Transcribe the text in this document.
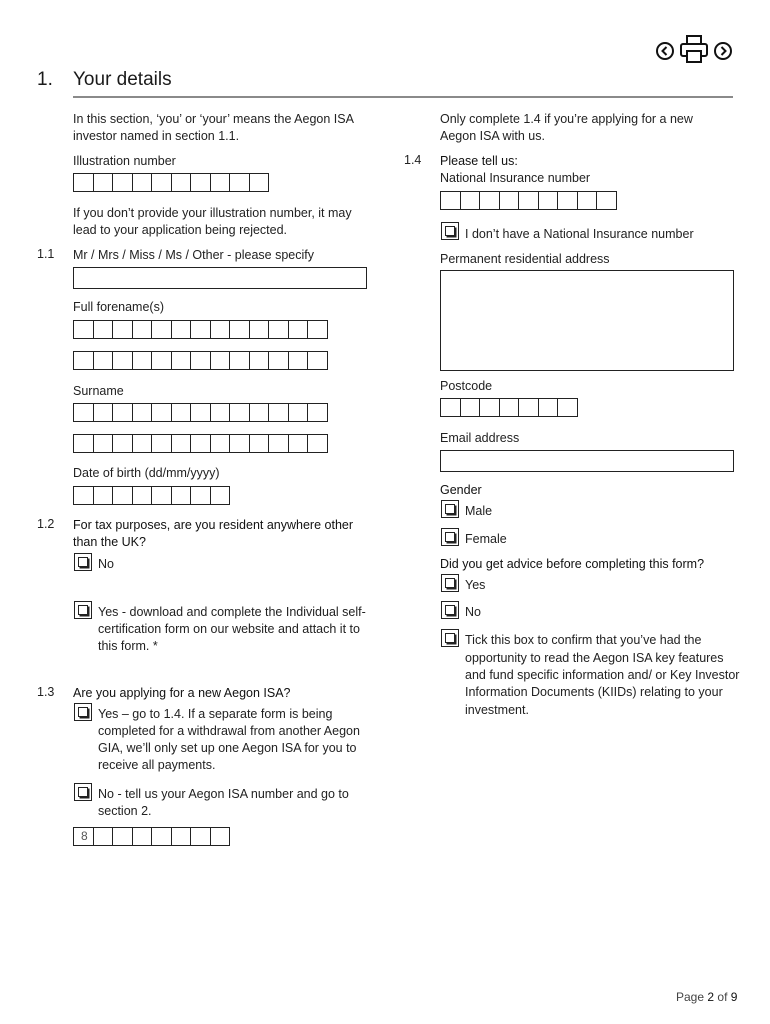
1. Your details
In this section, ‘you’ or ‘your’ means the Aegon ISA
investor named in section 1.1.
Only complete 1.4 if you’re applying for a new
Aegon ISA with us.
Illustration number
If you don’t provide your illustration number, it may
lead to your application being rejected.
1.1 Mr / Mrs / Miss / Ms / Other - please specify
Full forename(s)
Surname
Date of birth (dd/mm/yyyy)
1.2 For tax purposes, are you resident anywhere other
than the UK?
No
Yes - download and complete the Individual self-
certification form on our website and attach it to
this form. *
1.3 Are you applying for a new Aegon ISA?
Yes – go to 1.4. If a separate form is being
completed for a withdrawal from another Aegon
GIA, we’ll only set up one Aegon ISA for you to
receive all payments.
No - tell us your Aegon ISA number and go to
section 2.
8
1.4 Please tell us:
National Insurance number
I don’t have a National Insurance number
Permanent residential address
Postcode
Email address
Gender
Male
Female
Did you get advice before completing this form?
Yes
No
Tick this box to confirm that you’ve had the
opportunity to read the Aegon ISA key features
and fund specific information and/ or Key Investor
Information Documents (KIIDs) relating to your
investment.
Page 2 of 9
